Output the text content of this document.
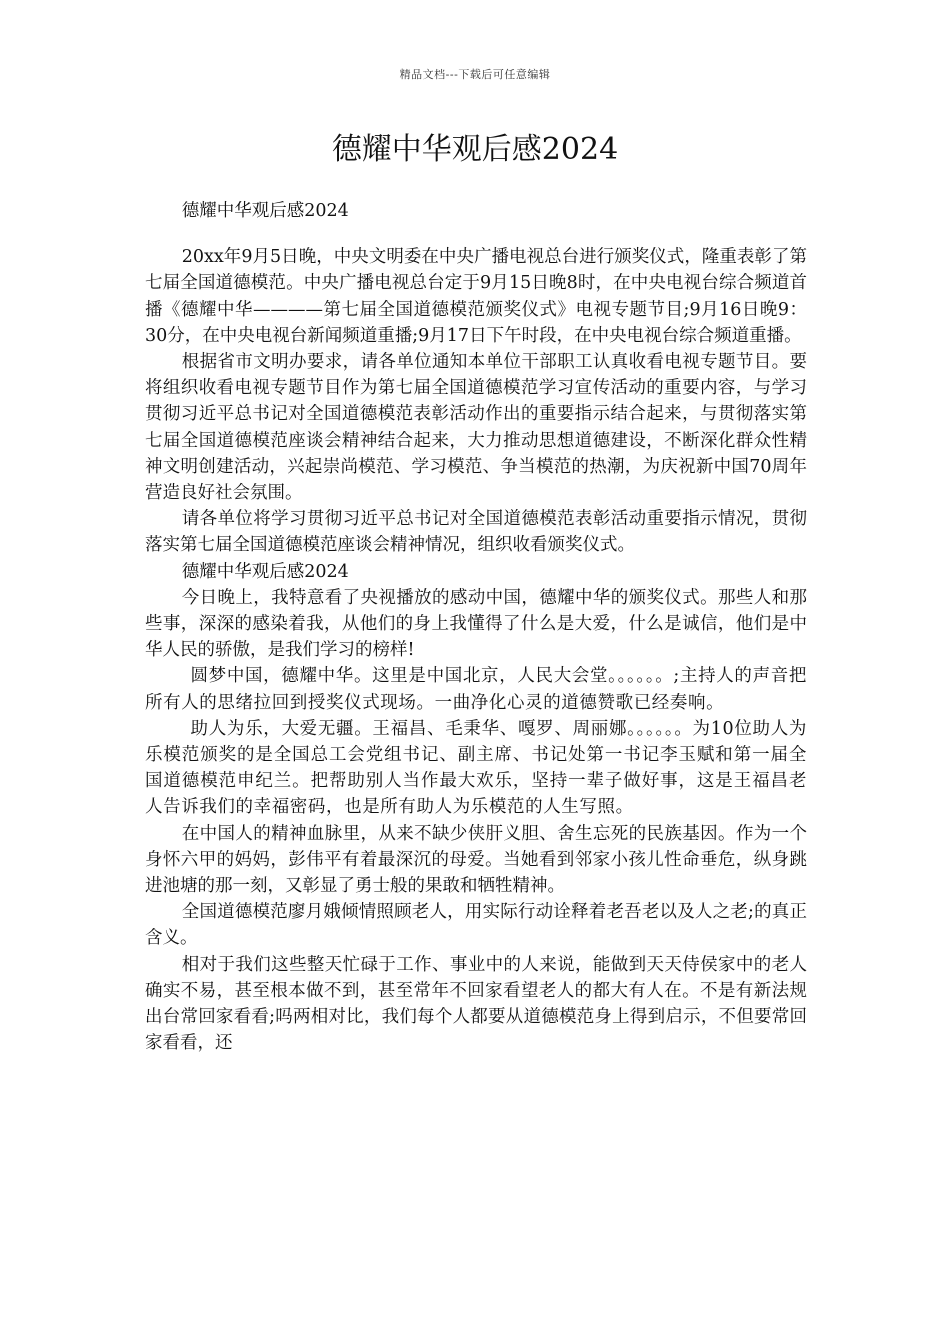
精品文档---下载后可任意编辑
德耀中华观后感2024

德耀中华观后感2024

20xx年9月5日晚，中央文明委在中央广播电视总台进行颁奖仪式，隆重表彰了第七届全国道德模范。中央广播电视总台定于9月15日晚8时，在中央电视台综合频道首播《德耀中华————第七届全国道德模范颁奖仪式》电视专题节目;9月16日晚9：30分，在中央电视台新闻频道重播;9月17日下午时段，在中央电视台综合频道重播。

根据省市文明办要求，请各单位通知本单位干部职工认真收看电视专题节目。要将组织收看电视专题节目作为第七届全国道德模范学习宣传活动的重要内容，与学习贯彻习近平总书记对全国道德模范表彰活动作出的重要指示结合起来，与贯彻落实第七届全国道德模范座谈会精神结合起来，大力推动思想道德建设，不断深化群众性精神文明创建活动，兴起崇尚模范、学习模范、争当模范的热潮，为庆祝新中国70周年营造良好社会氛围。

请各单位将学习贯彻习近平总书记对全国道德模范表彰活动重要指示情况，贯彻落实第七届全国道德模范座谈会精神情况，组织收看颁奖仪式。

德耀中华观后感2024

今日晚上，我特意看了央视播放的感动中国，德耀中华的颁奖仪式。那些人和那些事，深深的感染着我，从他们的身上我懂得了什么是大爱，什么是诚信，他们是中华人民的骄傲，是我们学习的榜样!

圆梦中国，德耀中华。这里是中国北京，人民大会堂。。。。。。;主持人的声音把所有人的思绪拉回到授奖仪式现场。一曲净化心灵的道德赞歌已经奏响。

助人为乐，大爱无疆。王福昌、毛秉华、嘎罗、周丽娜。。。。。。为10位助人为乐模范颁奖的是全国总工会党组书记、副主席、书记处第一书记李玉赋和第一届全国道德模范申纪兰。把帮助别人当作最大欢乐，坚持一辈子做好事，这是王福昌老人告诉我们的幸福密码，也是所有助人为乐模范的人生写照。

在中国人的精神血脉里，从来不缺少侠肝义胆、舍生忘死的民族基因。作为一个身怀六甲的妈妈，彭伟平有着最深沉的母爱。当她看到邻家小孩儿性命垂危，纵身跳进池塘的那一刻，又彰显了勇士般的果敢和牺牲精神。

全国道德模范廖月娥倾情照顾老人，用实际行动诠释着老吾老以及人之老;的真正含义。

相对于我们这些整天忙碌于工作、事业中的人来说，能做到天天侍侯家中的老人确实不易，甚至根本做不到，甚至常年不回家看望老人的都大有人在。不是有新法规出台常回家看看;吗两相对比，我们每个人都要从道德模范身上得到启示，不但要常回家看看，还
